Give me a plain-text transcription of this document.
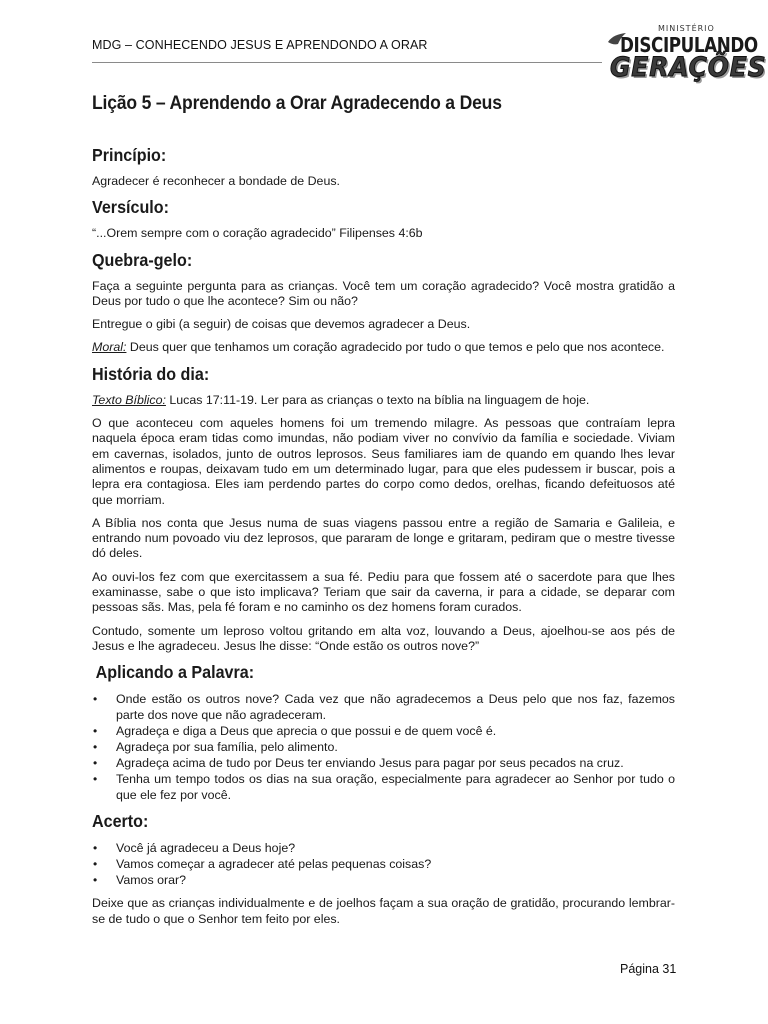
MDG – CONHECENDO JESUS E APRENDONDO A ORAR
MINISTÉRIO
DISCIPULANDO
GERAÇÕES
Lição 5 – Aprendendo a Orar Agradecendo a Deus
Princípio:

Agradecer é reconhecer a bondade de Deus.

Versículo:

“...Orem sempre com o coração agradecido” Filipenses 4:6b

Quebra-gelo:

Faça a seguinte pergunta para as crianças. Você tem um coração agradecido? Você mostra gratidão a Deus por tudo o que lhe acontece? Sim ou não?

Entregue o gibi (a seguir) de coisas que devemos agradecer a Deus.

Moral: Deus quer que tenhamos um coração agradecido por tudo o que temos e pelo que nos acontece.

História do dia:

Texto Bíblico: Lucas 17:11-19. Ler para as crianças o texto na bíblia na linguagem de hoje.

O que aconteceu com aqueles homens foi um tremendo milagre. As pessoas que contraíam lepra naquela época eram tidas como imundas, não podiam viver no convívio da família e sociedade. Viviam em cavernas, isolados, junto de outros leprosos. Seus familiares iam de quando em quando lhes levar alimentos e roupas, deixavam tudo em um determinado lugar, para que eles pudessem ir buscar, pois a lepra era contagiosa. Eles iam perdendo partes do corpo como dedos, orelhas, ficando defeituosos até que morriam.

A Bíblia nos conta que Jesus numa de suas viagens passou entre a região de Samaria e Galileia, e entrando num povoado viu dez leprosos, que pararam de longe e gritaram, pediram que o mestre tivesse dó deles.

Ao ouvi-los fez com que exercitassem a sua fé. Pediu para que fossem até o sacerdote para que lhes examinasse, sabe o que isto implicava? Teriam que sair da caverna, ir para a cidade, se deparar com pessoas sãs. Mas, pela fé foram e no caminho os dez homens foram curados.

Contudo, somente um leproso voltou gritando em alta voz, louvando a Deus, ajoelhou-se aos pés de Jesus e lhe agradeceu. Jesus lhe disse: “Onde estão os outros nove?”

Aplicando a Palavra:
• Onde estão os outros nove? Cada vez que não agradecemos a Deus pelo que nos faz, fazemos parte dos nove que não agradeceram.
• Agradeça e diga a Deus que aprecia o que possui e de quem você é.
• Agradeça por sua família, pelo alimento.
• Agradeça acima de tudo por Deus ter enviando Jesus para pagar por seus pecados na cruz.
• Tenha um tempo todos os dias na sua oração, especialmente para agradecer ao Senhor por tudo o que ele fez por você.
Acerto:
• Você já agradeceu a Deus hoje?
• Vamos começar a agradecer até pelas pequenas coisas?
• Vamos orar?

Deixe que as crianças individualmente e de joelhos façam a sua oração de gratidão, procurando lembrar-se de tudo o que o Senhor tem feito por eles.

Página 31
